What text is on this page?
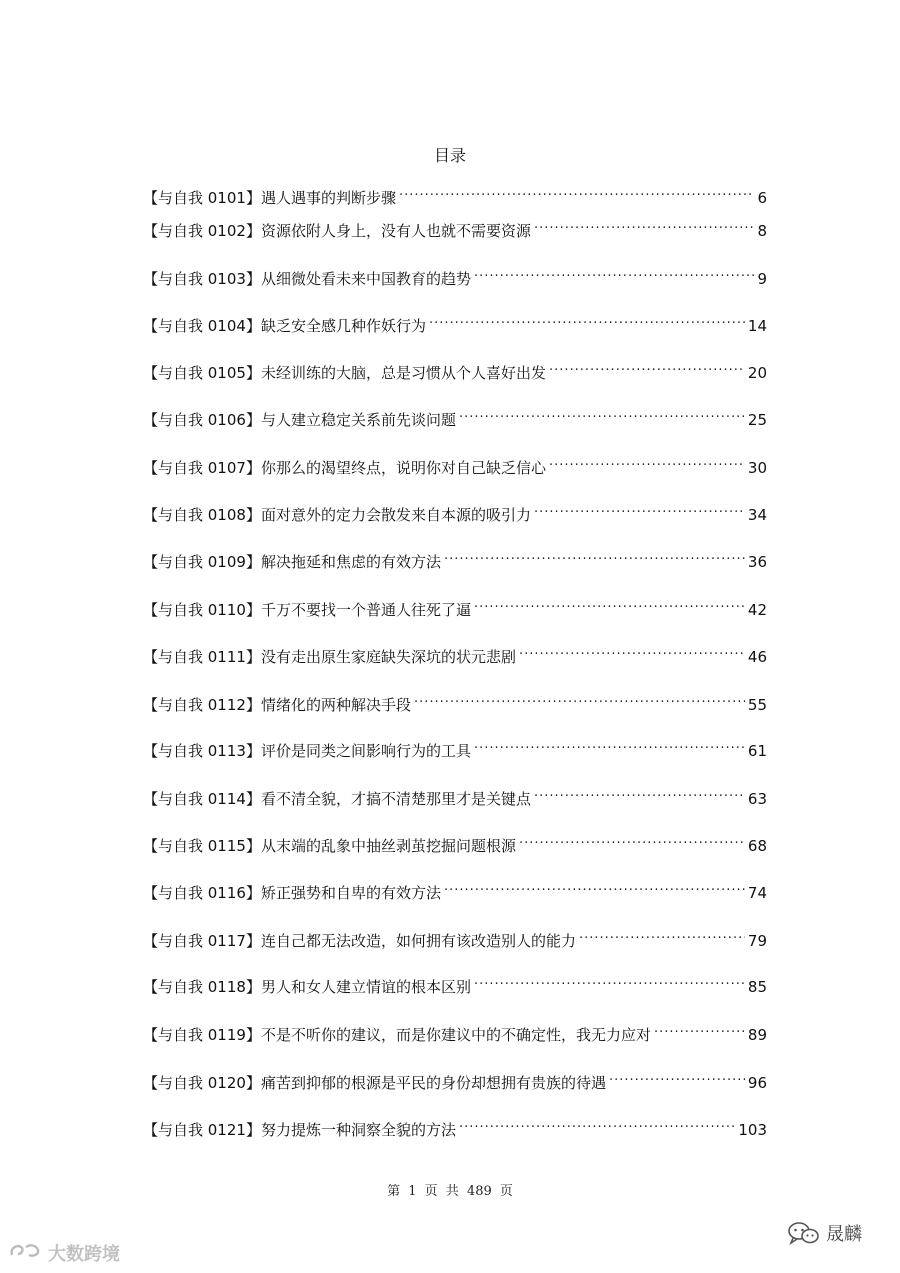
目录
【与自我 0101】 遇人遇事的判断步骤 .....	6
【与自我 0102】 资源依附人身上，没有人也就不需要资源 .....	8
【与自我 0103】 从细微处看未来中国教育的趋势 .....	9
【与自我 0104】 缺乏安全感几种作妖行为 .....	14
【与自我 0105】 未经训练的大脑，总是习惯从个人喜好出发 .....	20
【与自我 0106】 与人建立稳定关系前先谈问题 .....	25
【与自我 0107】 你那么的渴望终点，说明你对自己缺乏信心 .....	30
【与自我 0108】 面对意外的定力会散发来自本源的吸引力 .....	34
【与自我 0109】 解决拖延和焦虑的有效方法 .....	36
【与自我 0110】 千万不要找一个普通人往死了逼 .....	42
【与自我 0111】 没有走出原生家庭缺失深坑的状元悲剧 .....	46
【与自我 0112】 情绪化的两种解决手段 .....	55
【与自我 0113】 评价是同类之间影响行为的工具 .....	61
【与自我 0114】 看不清全貌，才搞不清楚那里才是关键点 .....	63
【与自我 0115】 从末端的乱象中抽丝剥茧挖掘问题根源 .....	68
【与自我 0116】 矫正强势和自卑的有效方法 .....	74
【与自我 0117】 连自己都无法改造，如何拥有该改造别人的能力 .....	79
【与自我 0118】 男人和女人建立情谊的根本区别 .....	85
【与自我 0119】 不是不听你的建议，而是你建议中的不确定性，我无力应对 .....	89
【与自我 0120】 痛苦到抑郁的根源是平民的身份却想拥有贵族的待遇 .....	96
【与自我 0121】 努力提炼一种洞察全貌的方法 .....	103
第 1 页 共 489 页
大数跨境
晟麟
